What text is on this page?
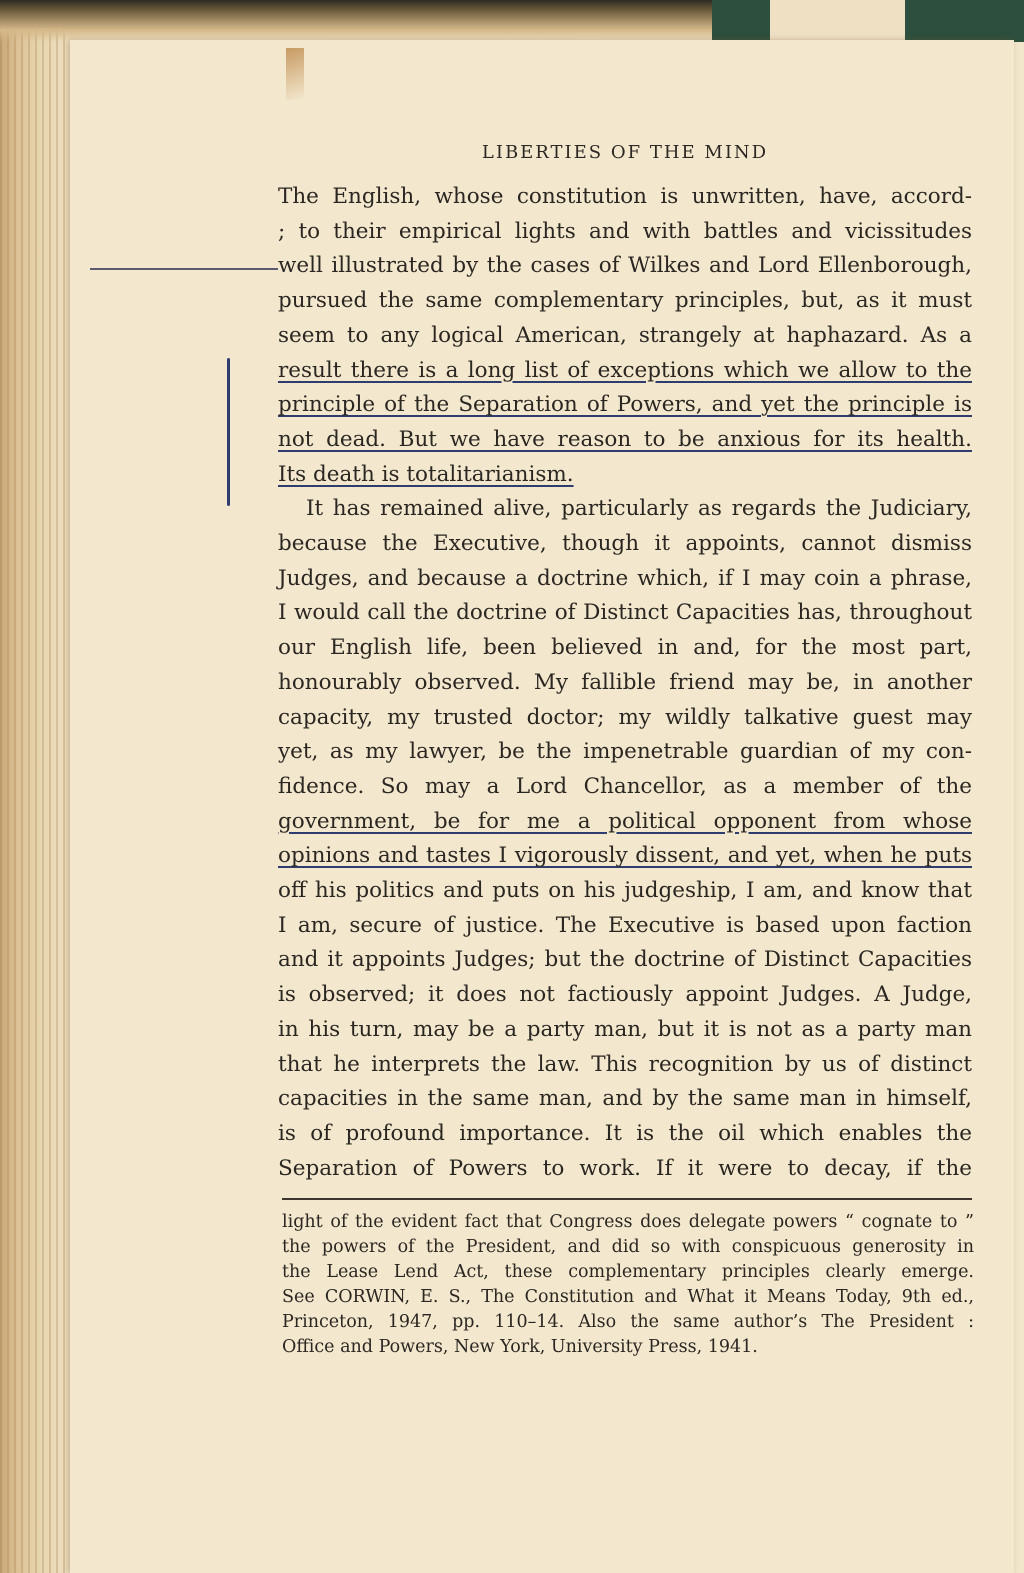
LIBERTIES OF THE MIND
The English, whose constitution is unwritten, have, accord-
; to their empirical lights and with battles and vicissitudes
well illustrated by the cases of Wilkes and Lord Ellenborough,
pursued the same complementary principles, but, as it must
seem to any logical American, strangely at haphazard. As a
result there is a long list of exceptions which we allow to the
principle of the Separation of Powers, and yet the principle is
not dead. But we have reason to be anxious for its health.
Its death is totalitarianism.
It has remained alive, particularly as regards the Judiciary,
because the Executive, though it appoints, cannot dismiss
Judges, and because a doctrine which, if I may coin a phrase,
I would call the doctrine of Distinct Capacities has, throughout
our English life, been believed in and, for the most part,
honourably observed. My fallible friend may be, in another
capacity, my trusted doctor; my wildly talkative guest may
yet, as my lawyer, be the impenetrable guardian of my con-
fidence. So may a Lord Chancellor, as a member of the
government, be for me a political opponent from whose
opinions and tastes I vigorously dissent, and yet, when he puts
off his politics and puts on his judgeship, I am, and know that
I am, secure of justice. The Executive is based upon faction
and it appoints Judges; but the doctrine of Distinct Capacities
is observed; it does not factiously appoint Judges. A Judge,
in his turn, may be a party man, but it is not as a party man
that he interprets the law. This recognition by us of distinct
capacities in the same man, and by the same man in himself,
is of profound importance. It is the oil which enables the
Separation of Powers to work. If it were to decay, if the
light of the evident fact that Congress does delegate powers “ cognate to ”
the powers of the President, and did so with conspicuous generosity in
the Lease Lend Act, these complementary principles clearly emerge.
See CORWIN, E. S., The Constitution and What it Means Today, 9th ed.,
Princeton, 1947, pp. 110–14. Also the same author’s The President :
Office and Powers, New York, University Press, 1941.
